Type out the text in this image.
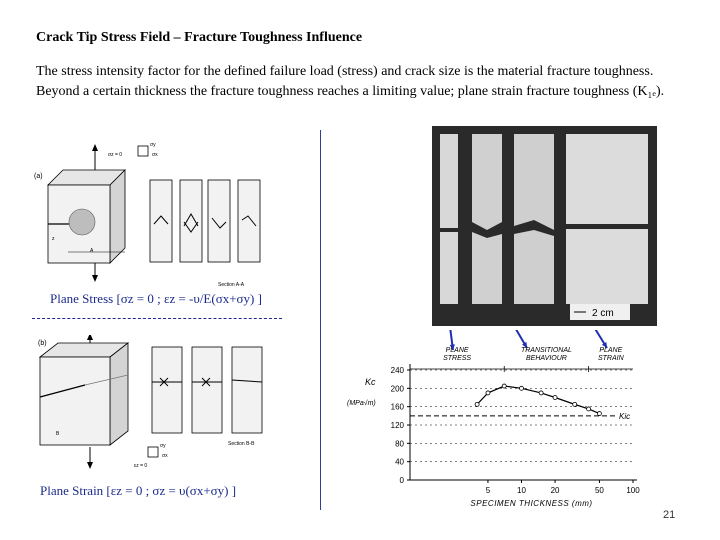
Crack Tip Stress Field – Fracture Toughness Influence
The stress intensity factor for the defined failure load (stress) and crack size is the material fracture toughness. Beyond a certain thickness the fracture toughness reaches a limiting value; plane strain fracture toughness (K₁ₑ).
(a)
σz = 0
σy
σx
z
A
Section A-A
Plane Stress [σz = 0 ; εz = -υ/E(σx+σy) ]
(b)
B
Section B-B
σy
σx
εz = 0
Plane Strain [εz = 0 ; σz = υ(σx+σy) ]
2 cm
PLANE
STRESS
TRANSITIONAL
BEHAVIOUR
PLANE
STRAIN
SPECIMEN THICKNESS (mm)
Kc
(MPa√m)
0
40
80
120
160
200
240
5	10	20	50	100
Kic
21
